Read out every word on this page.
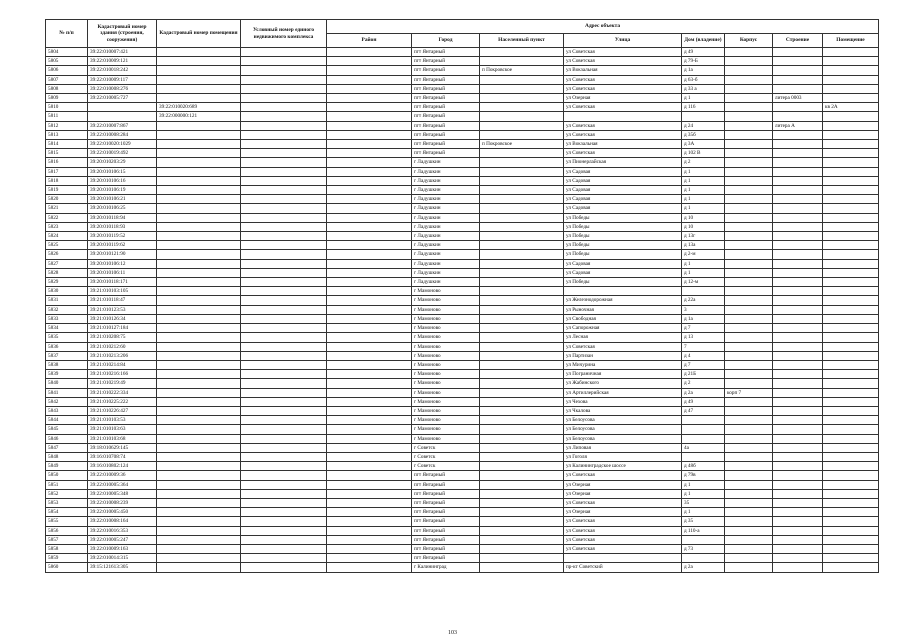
№ п/п	Кадастровый номер здания (строения, сооружения)	Кадастровый номер помещения	Условный номер единого недвижимого комплекса	Адрес объекта							
				Район	Город	Населенный пункт	Улица	Дом (владение)	Корпус	Строение	Помещение
5804	39:22:010007:421				пгт Янтарный		ул Советская	д 49			
5805	39:22:010009:121				пгт Янтарный		ул Советская	д 79-Б			
5806	39:22:010018:242				пгт Янтарный	п Покровское	ул Вокзальная	д 1а			
5807	39:22:010009:117				пгт Янтарный		ул Советская	д 63-б			
5808	39:22:010008:276				пгт Янтарный		ул Советская	д 33 а			
5809	39:22:010005:727				пгт Янтарный		ул Озерная	д 1		литера 0003	
5810		39:22:010020:689			пгт Янтарный		ул Советская	д 116			кв 2А
5811		39:22:000000:121			пгт Янтарный						
5812	39:22:010007:867				пгт Янтарный		ул Советская	д 24		литера А	
5813	39:22:010008:284				пгт Янтарный		ул Советская	д 35б			
5814	39:22:010020:1029				пгт Янтарный	п Покровское	ул Вокзальная	д 3А			
5815	39:22:010019:492				пгт Янтарный		ул Советская	д 102 В			
5816	39:20:010203:29				г Ладушкин		ул Пионерлайская	д 2			
5817	39:20:010106:15				г Ладушкин		ул Садовая	д 1			
5818	39:20:010106:16				г Ладушкин		ул Садовая	д 1			
5819	39:20:010106:19				г Ладушкин		ул Садовая	д 1			
5820	39:20:010106:21				г Ладушкин		ул Садовая	д 1			
5821	39:20:010106:25				г Ладушкин		ул Садовая	д 1			
5822	39:20:010118:94				г Ладушкин		ул Победы	д 10			
5823	39:20:010118:93				г Ладушкин		ул Победы	д 10			
5824	39:20:010119:52				г Ладушкин		ул Победы	д 13г			
5825	39:20:010119:62				г Ладушкин		ул Победы	д 13а			
5826	39:20:010121:90				г Ладушкин		ул Победы	д 2-м			
5827	39:20:010106:12				г Ладушкин		ул Садовая	д 1			
5828	39:20:010106:11				г Ладушкин		ул Садовая	д 1			
5829	39:20:010118:171				г Ладушкин		ул Победы	д 12-м			
5830	39:21:010103:105				г Мамоново						
5831	39:21:010118:47				г Мамоново		ул Железнодорожная	д 22а			
5832	39:21:010123:53				г Мамоново		ул Рыночная	3			
5833	39:21:010126:34				г Мамоново		ул Свободная	д 1а			
5834	39:21:010127:184				г Мамоново		ул Сапорожная	д 7			
5835	39:21:010208:75				г Мамоново		ул Лесная	д 13			
5836	39:21:010212:60				г Мамоново		ул Советская	7			
5837	39:21:010213:206				г Мамоново		ул Партизан	д 4			
5838	39:21:010214:84				г Мамоново		ул Мичурина	д 7			
5839	39:21:010216:166				г Мамоново		ул Пограничная	д 21Б			
5840	39:21:010219:49				г Мамоново		ул Жабинского	д 2			
5841	39:21:010222:334				г Мамоново		ул Артиллерийская	д 2а	корп 7		
5842	39:21:010225:222				г Мамоново		ул Чехова	д 49			
5843	39:21:010226:427				г Мамоново		ул Чкалова	д 47			
5844	39:21:010103:53				г Мамоново		ул Белоусова				
5845	39:21:010103:63				г Мамоново		ул Белоусова				
5846	39:21:010103:68				г Мамоново		ул Белоусова				
5847	39:18:010629:145				г Советск		ул Липовая	4а			
5848	39:16:010708:74				г Советск		ул Гоголя				
5849	39:16:010802:124				г Советск		ул Калининградское шоссе	д 48б			
5850	39:22:010009:36				пгт Янтарный		ул Советская	д 79в			
5851	39:22:010005:364				пгт Янтарный		ул Озерная	д 1			
5852	39:22:010005:348				пгт Янтарный		ул Озерная	д 1			
5853	39:22:010008:239				пгт Янтарный		ул Советская	35			
5854	39:22:010005:450				пгт Янтарный		ул Озерная	д 1			
5855	39:22:010008:164				пгт Янтарный		ул Советская	д 35			
5856	39:22:010016:353				пгт Янтарный		ул Советская	д 110-а			
5857	39:22:010005:247				пгт Янтарный		ул Советская				
5858	39:22:010009:163				пгт Янтарный		ул Советская	д 73			
5859	39:22:010014:315				пгт Янтарный						
5860	39:15:121613:305				г Калининград		пр-кт Советский	д 2а			
103
